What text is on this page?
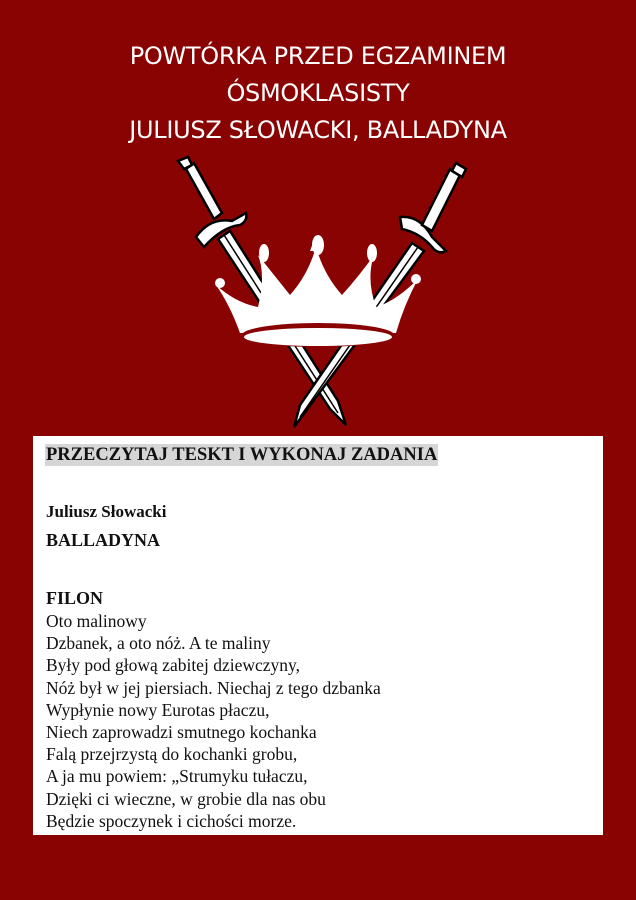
POWTÓRKA PRZED EGZAMINEM
ÓSMOKLASISTY
JULIUSZ SŁOWACKI, BALLADYNA
PRZECZYTAJ TESKT I WYKONAJ ZADANIA
Juliusz Słowacki
BALLADYNA
FILON
Oto malinowy
Dzbanek, a oto nóż. A te maliny
Były pod głową zabitej dziewczyny,
Nóż był w jej piersiach. Niechaj z tego dzbanka
Wypłynie nowy Eurotas płaczu,
Niech zaprowadzi smutnego kochanka
Falą przejrzystą do kochanki grobu,
A ja mu powiem: „Strumyku tułaczu,
Dzięki ci wieczne, w grobie dla nas obu
Będzie spoczynek i cichości morze.
